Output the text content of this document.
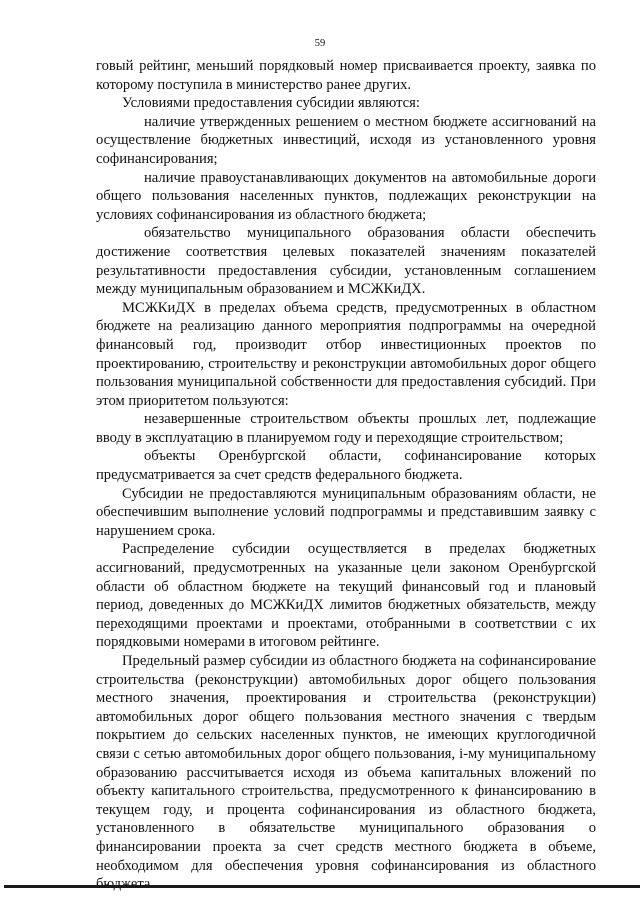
59

говый рейтинг, меньший порядковый номер присваивается проекту, заявка по которому поступила в министерство ранее других.

Условиями предоставления субсидии являются:

наличие утвержденных решением о местном бюджете ассигнований на осуществление бюджетных инвестиций, исходя из установленного уровня софинансирования;

наличие правоустанавливающих документов на автомобильные дороги общего пользования населенных пунктов, подлежащих реконструкции на условиях софинансирования из областного бюджета;

обязательство муниципального образования области обеспечить достижение соответствия целевых показателей значениям показателей результативности предоставления субсидии, установленным соглашением между муниципальным образованием и МСЖКиДХ.

МСЖКиДХ в пределах объема средств, предусмотренных в областном бюджете на реализацию данного мероприятия подпрограммы на очередной финансовый год, производит отбор инвестиционных проектов по проектированию, строительству и реконструкции автомобильных дорог общего пользования муниципальной собственности для предоставления субсидий. При этом приоритетом пользуются:

незавершенные строительством объекты прошлых лет, подлежащие вводу в эксплуатацию в планируемом году и переходящие строительством;

объекты Оренбургской области, софинансирование которых предусматривается за счет средств федерального бюджета.

Субсидии не предоставляются муниципальным образованиям области, не обеспечившим выполнение условий подпрограммы и представившим заявку с нарушением срока.

Распределение субсидии осуществляется в пределах бюджетных ассигнований, предусмотренных на указанные цели законом Оренбургской области об областном бюджете на текущий финансовый год и плановый период, доведенных до МСЖКиДХ лимитов бюджетных обязательств, между переходящими проектами и проектами, отобранными в соответствии с их порядковыми номерами в итоговом рейтинге.

Предельный размер субсидии из областного бюджета на софинансирование строительства (реконструкции) автомобильных дорог общего пользования местного значения, проектирования и строительства (реконструкции) автомобильных дорог общего пользования местного значения с твердым покрытием до сельских населенных пунктов, не имеющих круглогодичной связи с сетью автомобильных дорог общего пользования, i-му муниципальному образованию рассчитывается исходя из объема капитальных вложений по объекту капитального строительства, предусмотренного к финансированию в текущем году, и процента софинансирования из областного бюджета, установленного в обязательстве муниципального образования о финансировании проекта за счет средств местного бюджета в объеме, необходимом для обеспечения уровня софинансирования из областного бюджета.
